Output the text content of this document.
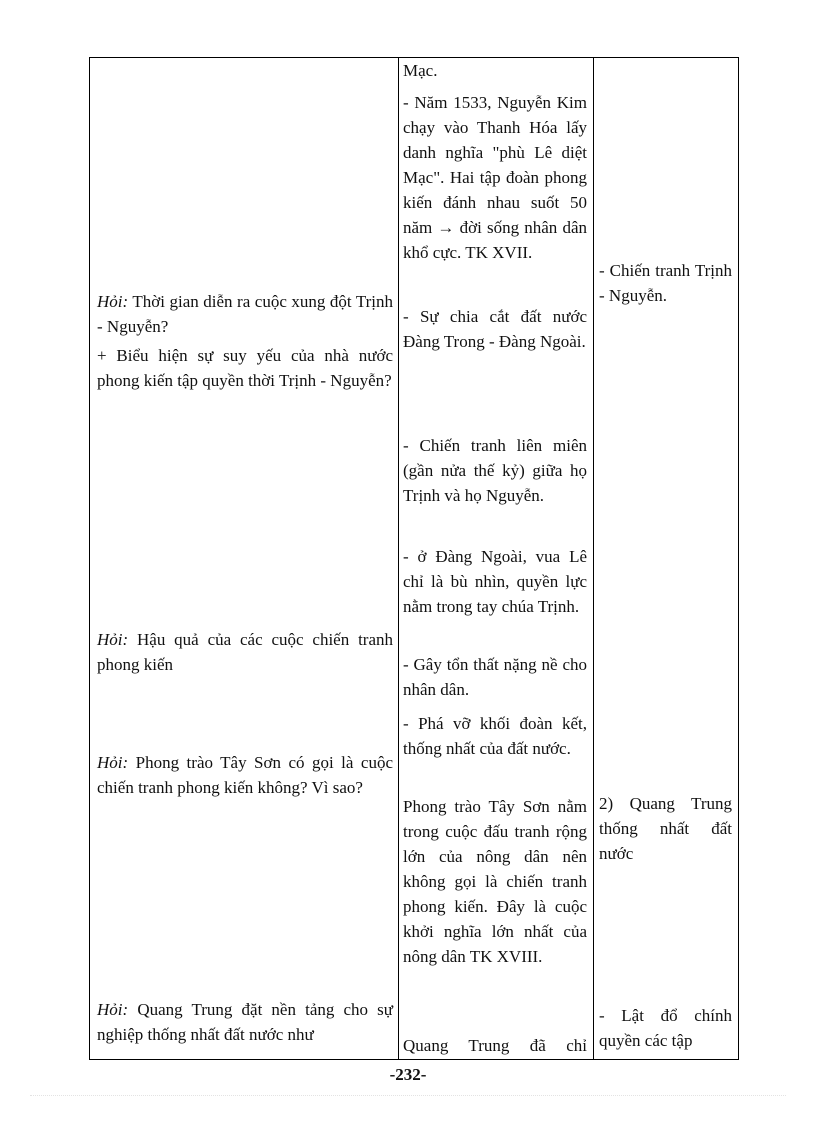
Hỏi: Thời gian diễn ra cuộc xung đột Trịnh - Nguyễn?
+ Biểu hiện sự suy yếu của nhà nước phong kiến tập quyền thời Trịnh - Nguyễn?
Hỏi: Hậu quả của các cuộc chiến tranh phong kiến
Hỏi: Phong trào Tây Sơn có gọi là cuộc chiến tranh phong kiến không? Vì sao?
Hỏi: Quang Trung đặt nền tảng cho sự nghiệp thống nhất đất nước như
Mạc.
- Năm 1533, Nguyễn Kim chạy vào Thanh Hóa lấy danh nghĩa "phù Lê diệt Mạc". Hai tập đoàn phong kiến đánh nhau suốt 50 năm → đời sống nhân dân khổ cực. TK XVII.
- Sự chia cắt đất nước Đàng Trong - Đàng Ngoài.
- Chiến tranh liên miên (gần nửa thế kỷ) giữa họ Trịnh và họ Nguyễn.
- ở Đàng Ngoài, vua Lê chỉ là bù nhìn, quyền lực nằm trong tay chúa Trịnh.
- Gây tổn thất nặng nề cho nhân dân.
- Phá vỡ khối đoàn kết, thống nhất của đất nước.
Phong trào Tây Sơn nằm trong cuộc đấu tranh rộng lớn của nông dân nên không gọi là chiến tranh phong kiến. Đây là cuộc khởi nghĩa lớn nhất của nông dân TK XVIII.
Quang Trung đã chỉ
- Chiến tranh Trịnh - Nguyễn.
2) Quang Trung thống nhất đất nước
- Lật đổ chính quyền các tập
-232-
